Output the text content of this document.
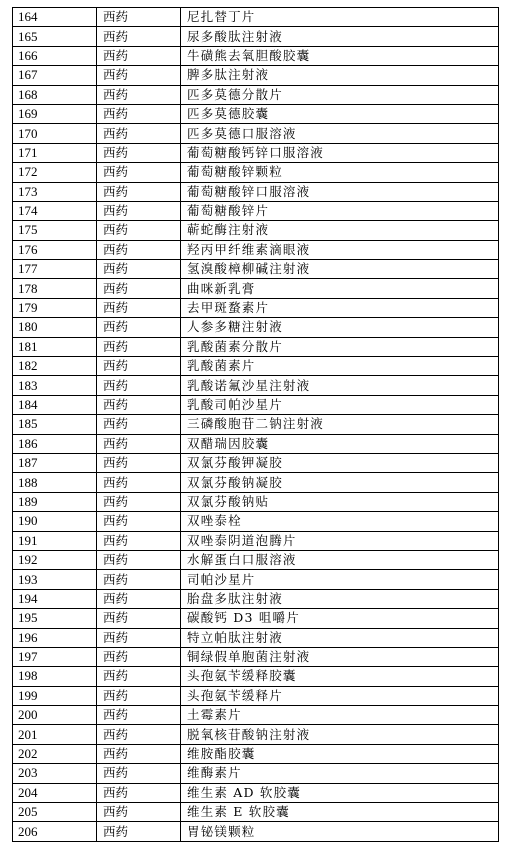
164	西药	尼扎替丁片
165	西药	尿多酸肽注射液
166	西药	牛磺熊去氧胆酸胶囊
167	西药	脾多肽注射液
168	西药	匹多莫德分散片
169	西药	匹多莫德胶囊
170	西药	匹多莫德口服溶液
171	西药	葡萄糖酸钙锌口服溶液
172	西药	葡萄糖酸锌颗粒
173	西药	葡萄糖酸锌口服溶液
174	西药	葡萄糖酸锌片
175	西药	蕲蛇酶注射液
176	西药	羟丙甲纤维素滴眼液
177	西药	氢溴酸樟柳碱注射液
178	西药	曲咪新乳膏
179	西药	去甲斑蝥素片
180	西药	人参多糖注射液
181	西药	乳酸菌素分散片
182	西药	乳酸菌素片
183	西药	乳酸诺氟沙星注射液
184	西药	乳酸司帕沙星片
185	西药	三磷酸胞苷二钠注射液
186	西药	双醋瑞因胶囊
187	西药	双氯芬酸钾凝胶
188	西药	双氯芬酸钠凝胶
189	西药	双氯芬酸钠贴
190	西药	双唑泰栓
191	西药	双唑泰阴道泡腾片
192	西药	水解蛋白口服溶液
193	西药	司帕沙星片
194	西药	胎盘多肽注射液
195	西药	碳酸钙 D3 咀嚼片
196	西药	特立帕肽注射液
197	西药	铜绿假单胞菌注射液
198	西药	头孢氨苄缓释胶囊
199	西药	头孢氨苄缓释片
200	西药	土霉素片
201	西药	脱氧核苷酸钠注射液
202	西药	维胺酯胶囊
203	西药	维酶素片
204	西药	维生素 AD 软胶囊
205	西药	维生素 E 软胶囊
206	西药	胃铋镁颗粒
